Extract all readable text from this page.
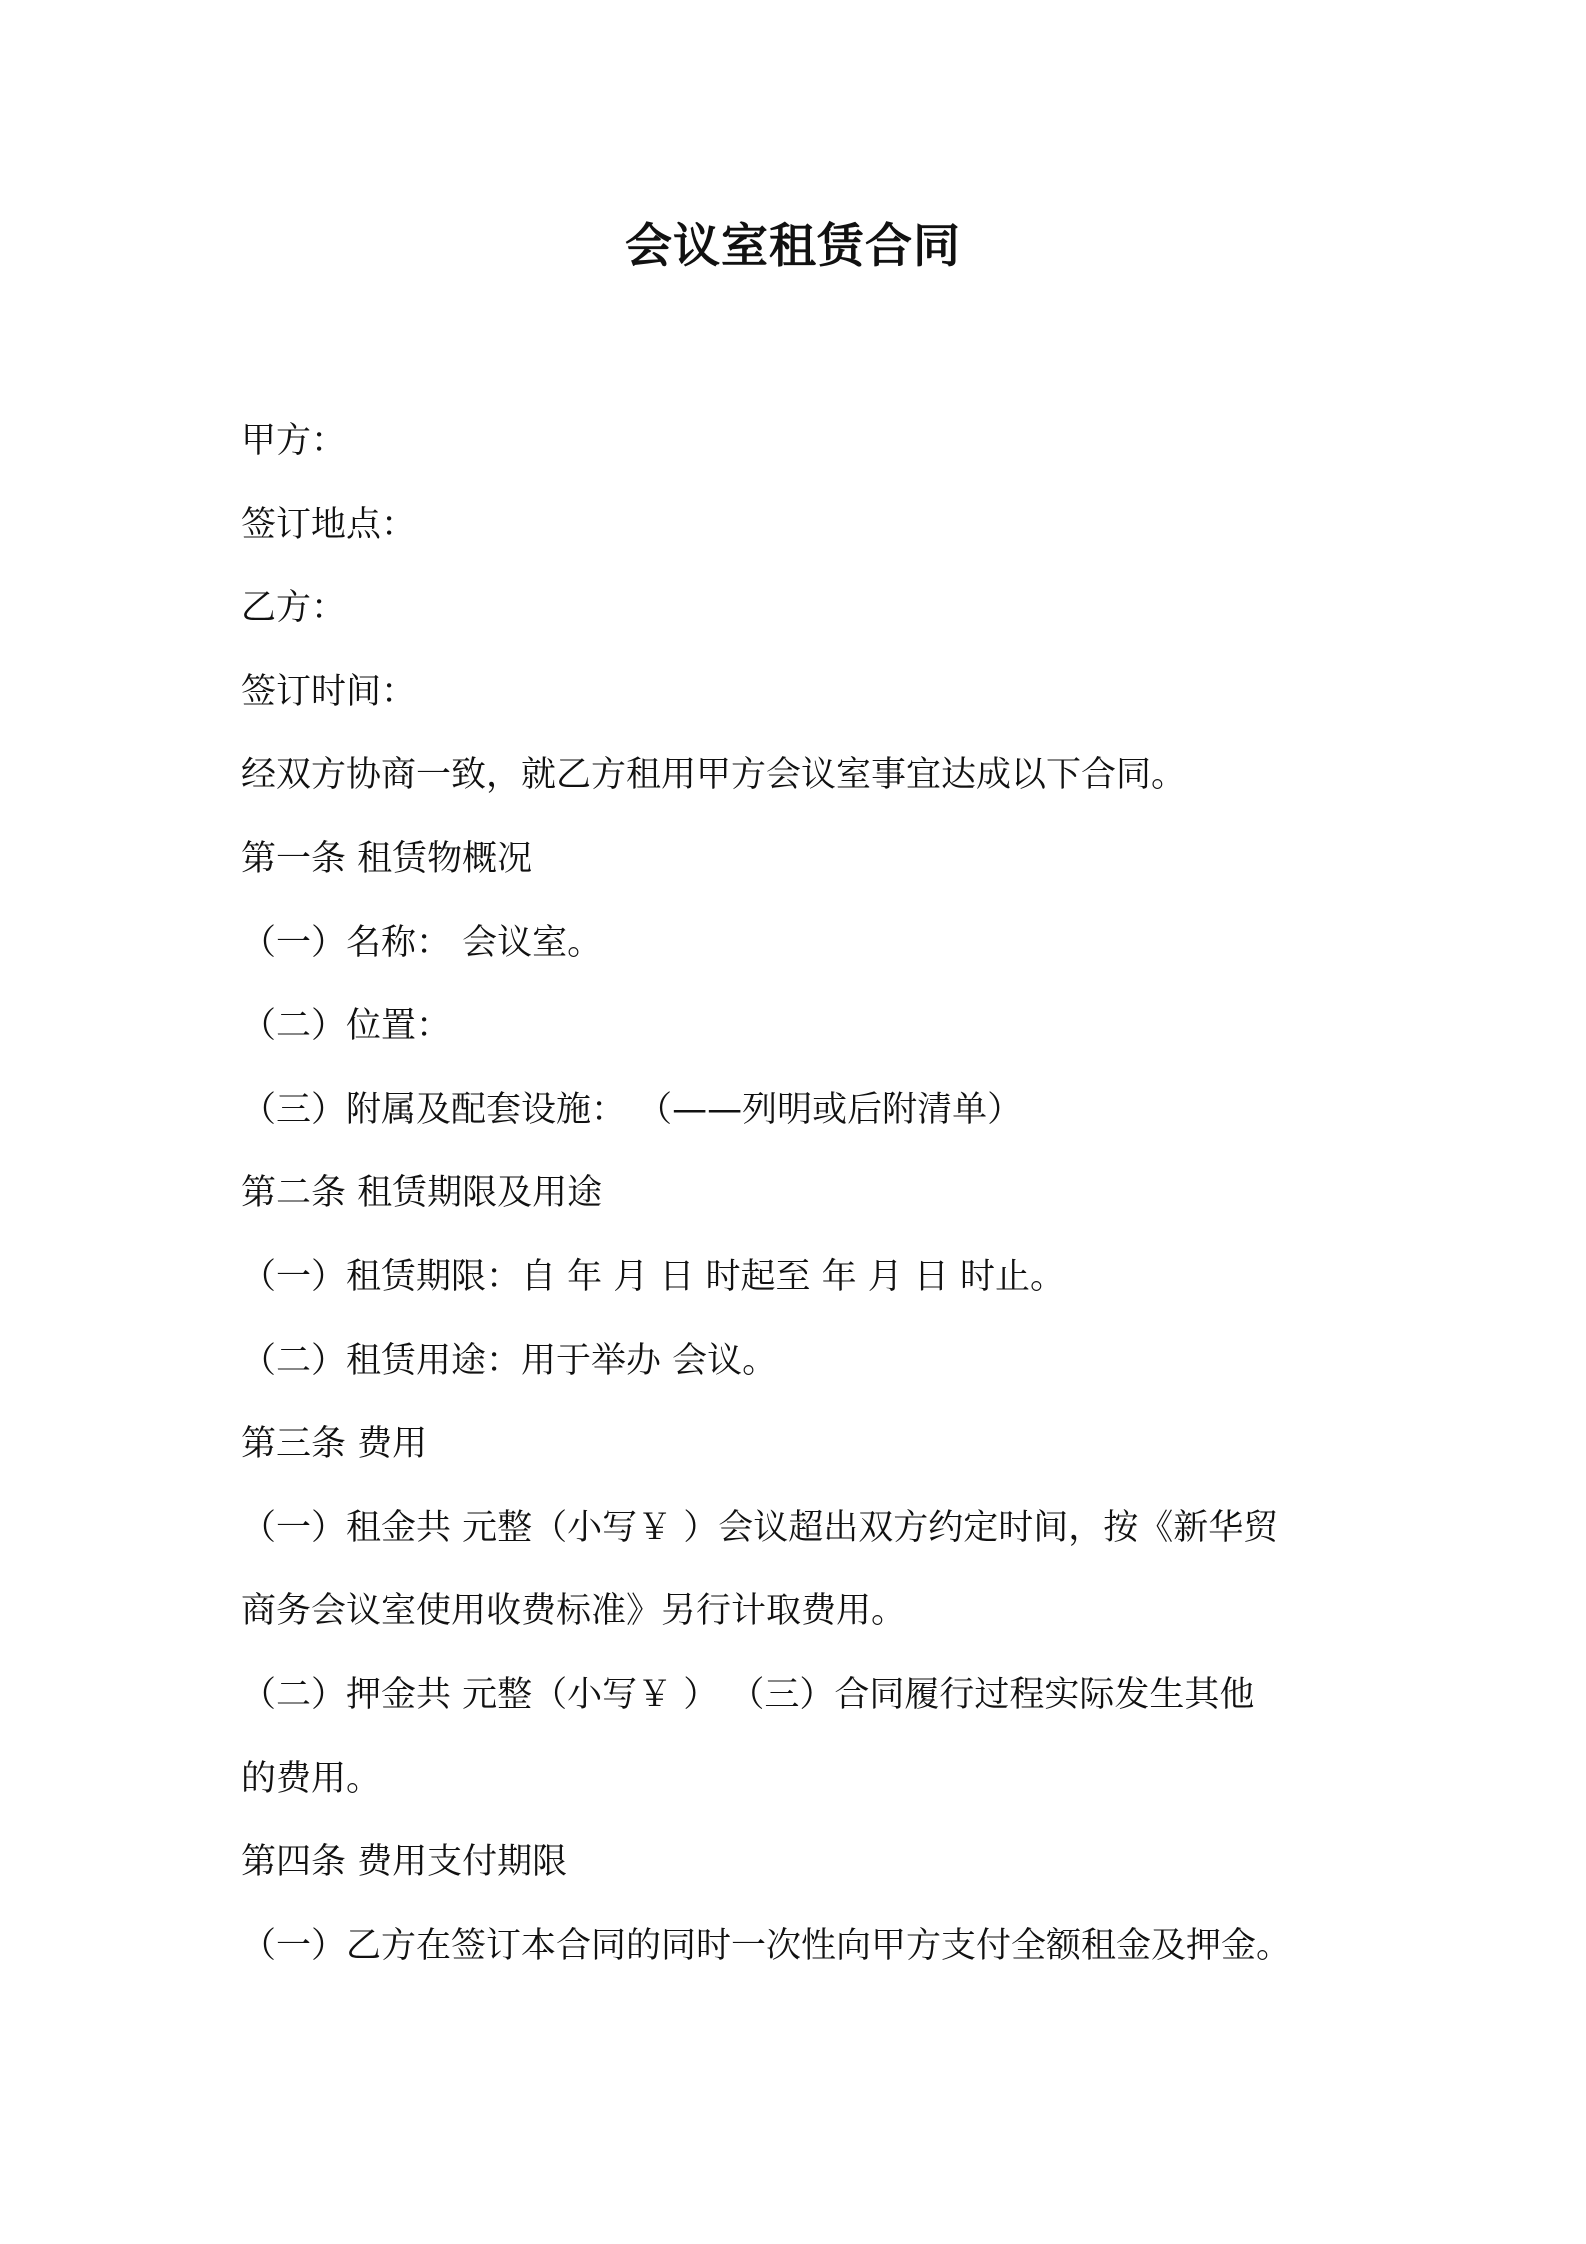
会议室租赁合同
甲方：
签订地点：
乙方：
签订时间：
经双方协商一致，就乙方租用甲方会议室事宜达成以下合同。
第一条 租赁物概况
（一）名称： 会议室。
（二）位置：
（三）附属及配套设施： （——列明或后附清单）
第二条 租赁期限及用途
（一）租赁期限：自 年 月 日 时起至 年 月 日 时止。
（二）租赁用途：用于举办 会议。
第三条 费用
（一）租金共 元整（小写￥ ）会议超出双方约定时间，按《新华贸
商务会议室使用收费标准》另行计取费用。
（二）押金共 元整（小写￥ ） （三）合同履行过程实际发生其他
的费用。
第四条 费用支付期限
（一）乙方在签订本合同的同时一次性向甲方支付全额租金及押金。
